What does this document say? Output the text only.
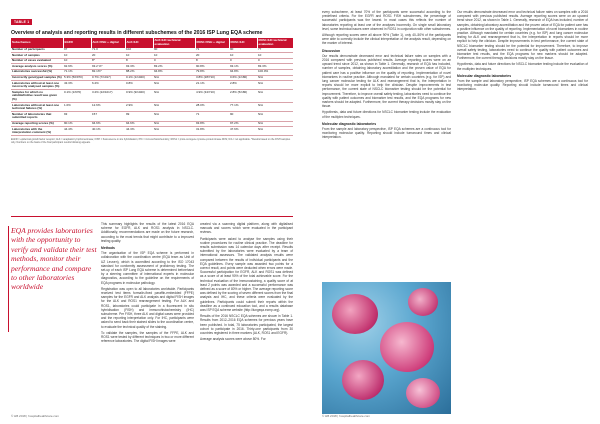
TABLE 1
Overview of analysis and reporting results in different subschemes of the 2016 ISP Lung EQA scheme
Subschemes	EGFR	ALK FISH + digital	ALK IHC	ALK IHC technical evaluation	ROS1 FISH + digital	ROS1 IHC	ROS1 IHC technical evaluation
Number of participants	97	71.0	102	90	71	90	77
Number of samples	10	20	10	10	20	10	10
Number of cases evaluated	10	8*	8	0	8	0	0
Average analysis scores (%)	92.9%	93.2 %*	93.3%	83.2%	90.8%	93.1%	83.3%
Laboratories successful (%)	71.1%	82.1%*	88.2%	94.8%	79.8%	94.8%	100.0%
Incorrectly genotyped samples (%)	5.3% (50/970)	0.7% (7/1017)	0.1% (1/1020)	N/A	3.8% (28/710)	0.6% (1/180)	N/A
Laboratories without at least one incorrectly analysed samples (%)	43.3%	6.2%	0.8%	N/A	21.1%	2.8%	N/A
Samples for which no valid/definitive result was given (%)	0.1% (1/970)	3.2% (22/1017)	0.9% (9/1020)	N/A	4.9% (34/710)	2.8% (5/180)	N/A
Laboratories without at least one technical failures (%)	1.0%	12.6%	2.9%	N/A	28.0%	77.1%	N/A
Number of laboratories that submitted reports	93	157	99	N/A	71	90	N/A
Average reporting scores (%)	90.1%	94.6%	94.6%	N/A	93.8%	97.2%	N/A
Laboratories with the interpretation comment (%)	44.4%	40.1%	44.3%	N/A	31.8%	47.6%	N/A
EGFR = epidermal growth factor receptor; ALK = anaplastic lymphoma kinase; FISH = fluorescence in situ hybridisation; IHC = immunohistochemistry; ROS1 = proto-oncogene tyrosine-protein kinase ROS; N/A = not applicable. *Results based on the FISH samples only. Numbers on the basis of the final participant results following appeals.
EQA provides laboratories with the opportunity to verify and validate their test methods, monitor their performance and compare to other laboratories worldwide

This summary highlights the results of the latest 2016 EQA scheme for EGFR, ALK and ROS1 analysis in NSCLC. Additionally, recommendations are made on the future research, according to the most trends that might contribute to a improved testing quality.

Methods

The organisation of the ISP EQA scheme is performed in collaboration with the coordination centre (EQA team as Unit of UZ Leuven), which is accredited according to the ISO 17043 standard for conformity assessment of proficiency testing. The set-up of each ISP Lung EQA scheme is determined beforehand by a steering committee of international experts in molecular diagnostics, according to the guideline on the requirements of EQA programs in molecular pathology.

Registration was open to all laboratories worldwide. Participants received test items formalin-fixed paraffin-embedded (FFPE) samples for the EGFR and ALK analysis and digital FISH images for the ALK and ROS1 rearrangement testing. For ALK and ROS1, laboratories could participate in a fluorescent in situ hybridisation (FISH) and immunohistochemistry (IHC) subscheme. Per FISH, three ALK and digital cases were provided and the reporting interpretation only. For IHC, participants were asked to send back their stained slides to the coordination centre, to evaluate the technical quality of the staining.

To validate the samples, the samples of the FFPE, ALK and ROS1 were tested by different techniques in two or more different reference laboratories. The digital FISH images were

created via a scanning digital platform, along with digitalised manuals and scores which were evaluated in the participant reviews.

Participants were asked to analyse the samples using their routine procedures for routine clinical practice. The deadline for results submission was 14 calendar days after receipt. Results submitted by the laboratories were evaluated by a team of international assessors. The validated analysis results were compared between the results of individual participants and the EQA guidelines. Every sample was awarded two points for a correct result, and points were deducted when errors were made. Successful participation for EGFR, ALK and ROS1 was defined as a score of at least 90% of the total achievable score. For the technical evaluation of the immunostaining, a quality score of at least 2 points was awarded and a successful performance was defined as a score of 80% or higher. The average reporting score was defined by the scoring of seven different scores from the final analysis and IHC, and these criteria were evaluated by the guidelines. Participants could submit their reports within the deadline as a continued education tool, and a results database was ISP EQA scheme website (http://lungeqa.ecmp.org).

Results of the 2016 NSCLC EQA schemes are shown in Table 1. Results from 2012–2016 EQA schemes for previous years have been published. In total, 75 laboratories participated, the largest cohort to participate in 2016. Thirty-one participants from 30 countries registered in three markers (ALK, ROS1 and EGFR).

Average analysis scores were above 80%. For

© HB 2018 | hospitalhealthcare.com

every subscheme, at least 70% of the participants were successful according to the predefined criteria. For the EGFR and ROS1 FISH subschemes, the percentage of successful participants was the lowest. In most cases this reflects the number of laboratories reporting at least one of the analyses incorrectly. On single small laboratory level, some technical issues were observed in ROS1 in conjunction with other subschemes.

Although reporting scores were all above 90% (Table 1), only 40–50% of the participants were able to correctly include the clinical interpretation of the analysis result, depending on the marker of interest.

Discussion

Our results demonstrate decreased error and technical failure rates on samples with a 2016 compared with previous published results. Average reporting scores were on an upward trend since 2012, as shown in Table 1. Generally, research of EQA has included, number of samples, obtaining laboratory accreditation and the proven value of EQA for patient care has a positive influence on the quality of reporting. Implementation of novel biomarkers in routine practice. Although mandated for certain countries (e.g. for ISP) and lung cancer molecular testing for ALK and rearrangement that is, the interpretation in reports should be more explicit to help the clinician. Despite improvements in test performance, the current state of NSCLC biomarker testing should be the potential for improvement. Therefore, to improve overall safety testing, laboratories need to continue the quality with patient outcomes and biomarker test results, and the EQA programs for new markers should be adapted. Furthermore, the current therapy decisions mostly stay on the tissue.

Hypothesis, data and future directions for NSCLC biomarker testing include the evaluation of the multiplex techniques.

Molecular diagnostic laboratories

From the sample and laboratory perspective, ISP EQA schemes are a continuous tool for monitoring molecular quality. Reporting should include turnaround times and clinical interpretation.

Our results demonstrate decreased error and technical failure rates on samples with a 2016 compared with previous published results. Average reporting scores were on an upward trend since 2012, as shown in Table 1. Generally, research of EQA has included, number of samples, obtaining laboratory accreditation and the proven value of EQA for patient care has a positive influence on the quality of reporting. Implementation of novel biomarkers in routine practice. Although mandated for certain countries (e.g. for ISP) and lung cancer molecular testing for ALK and rearrangement that is, the interpretation in reports should be more explicit to help the clinician. Despite improvements in test performance, the current state of NSCLC biomarker testing should be the potential for improvement. Therefore, to improve overall safety testing, laboratories need to continue the quality with patient outcomes and biomarker test results, and the EQA programs for new markers should be adapted. Furthermore, the current therapy decisions mostly stay on the tissue.

Hypothesis, data and future directions for NSCLC biomarker testing include the evaluation of the multiplex techniques.

Molecular diagnostic laboratories

From the sample and laboratory perspective, ISP EQA schemes are a continuous tool for monitoring molecular quality. Reporting should include turnaround times and clinical interpretation.

© HB 2018 | hospitalhealthcare.com
